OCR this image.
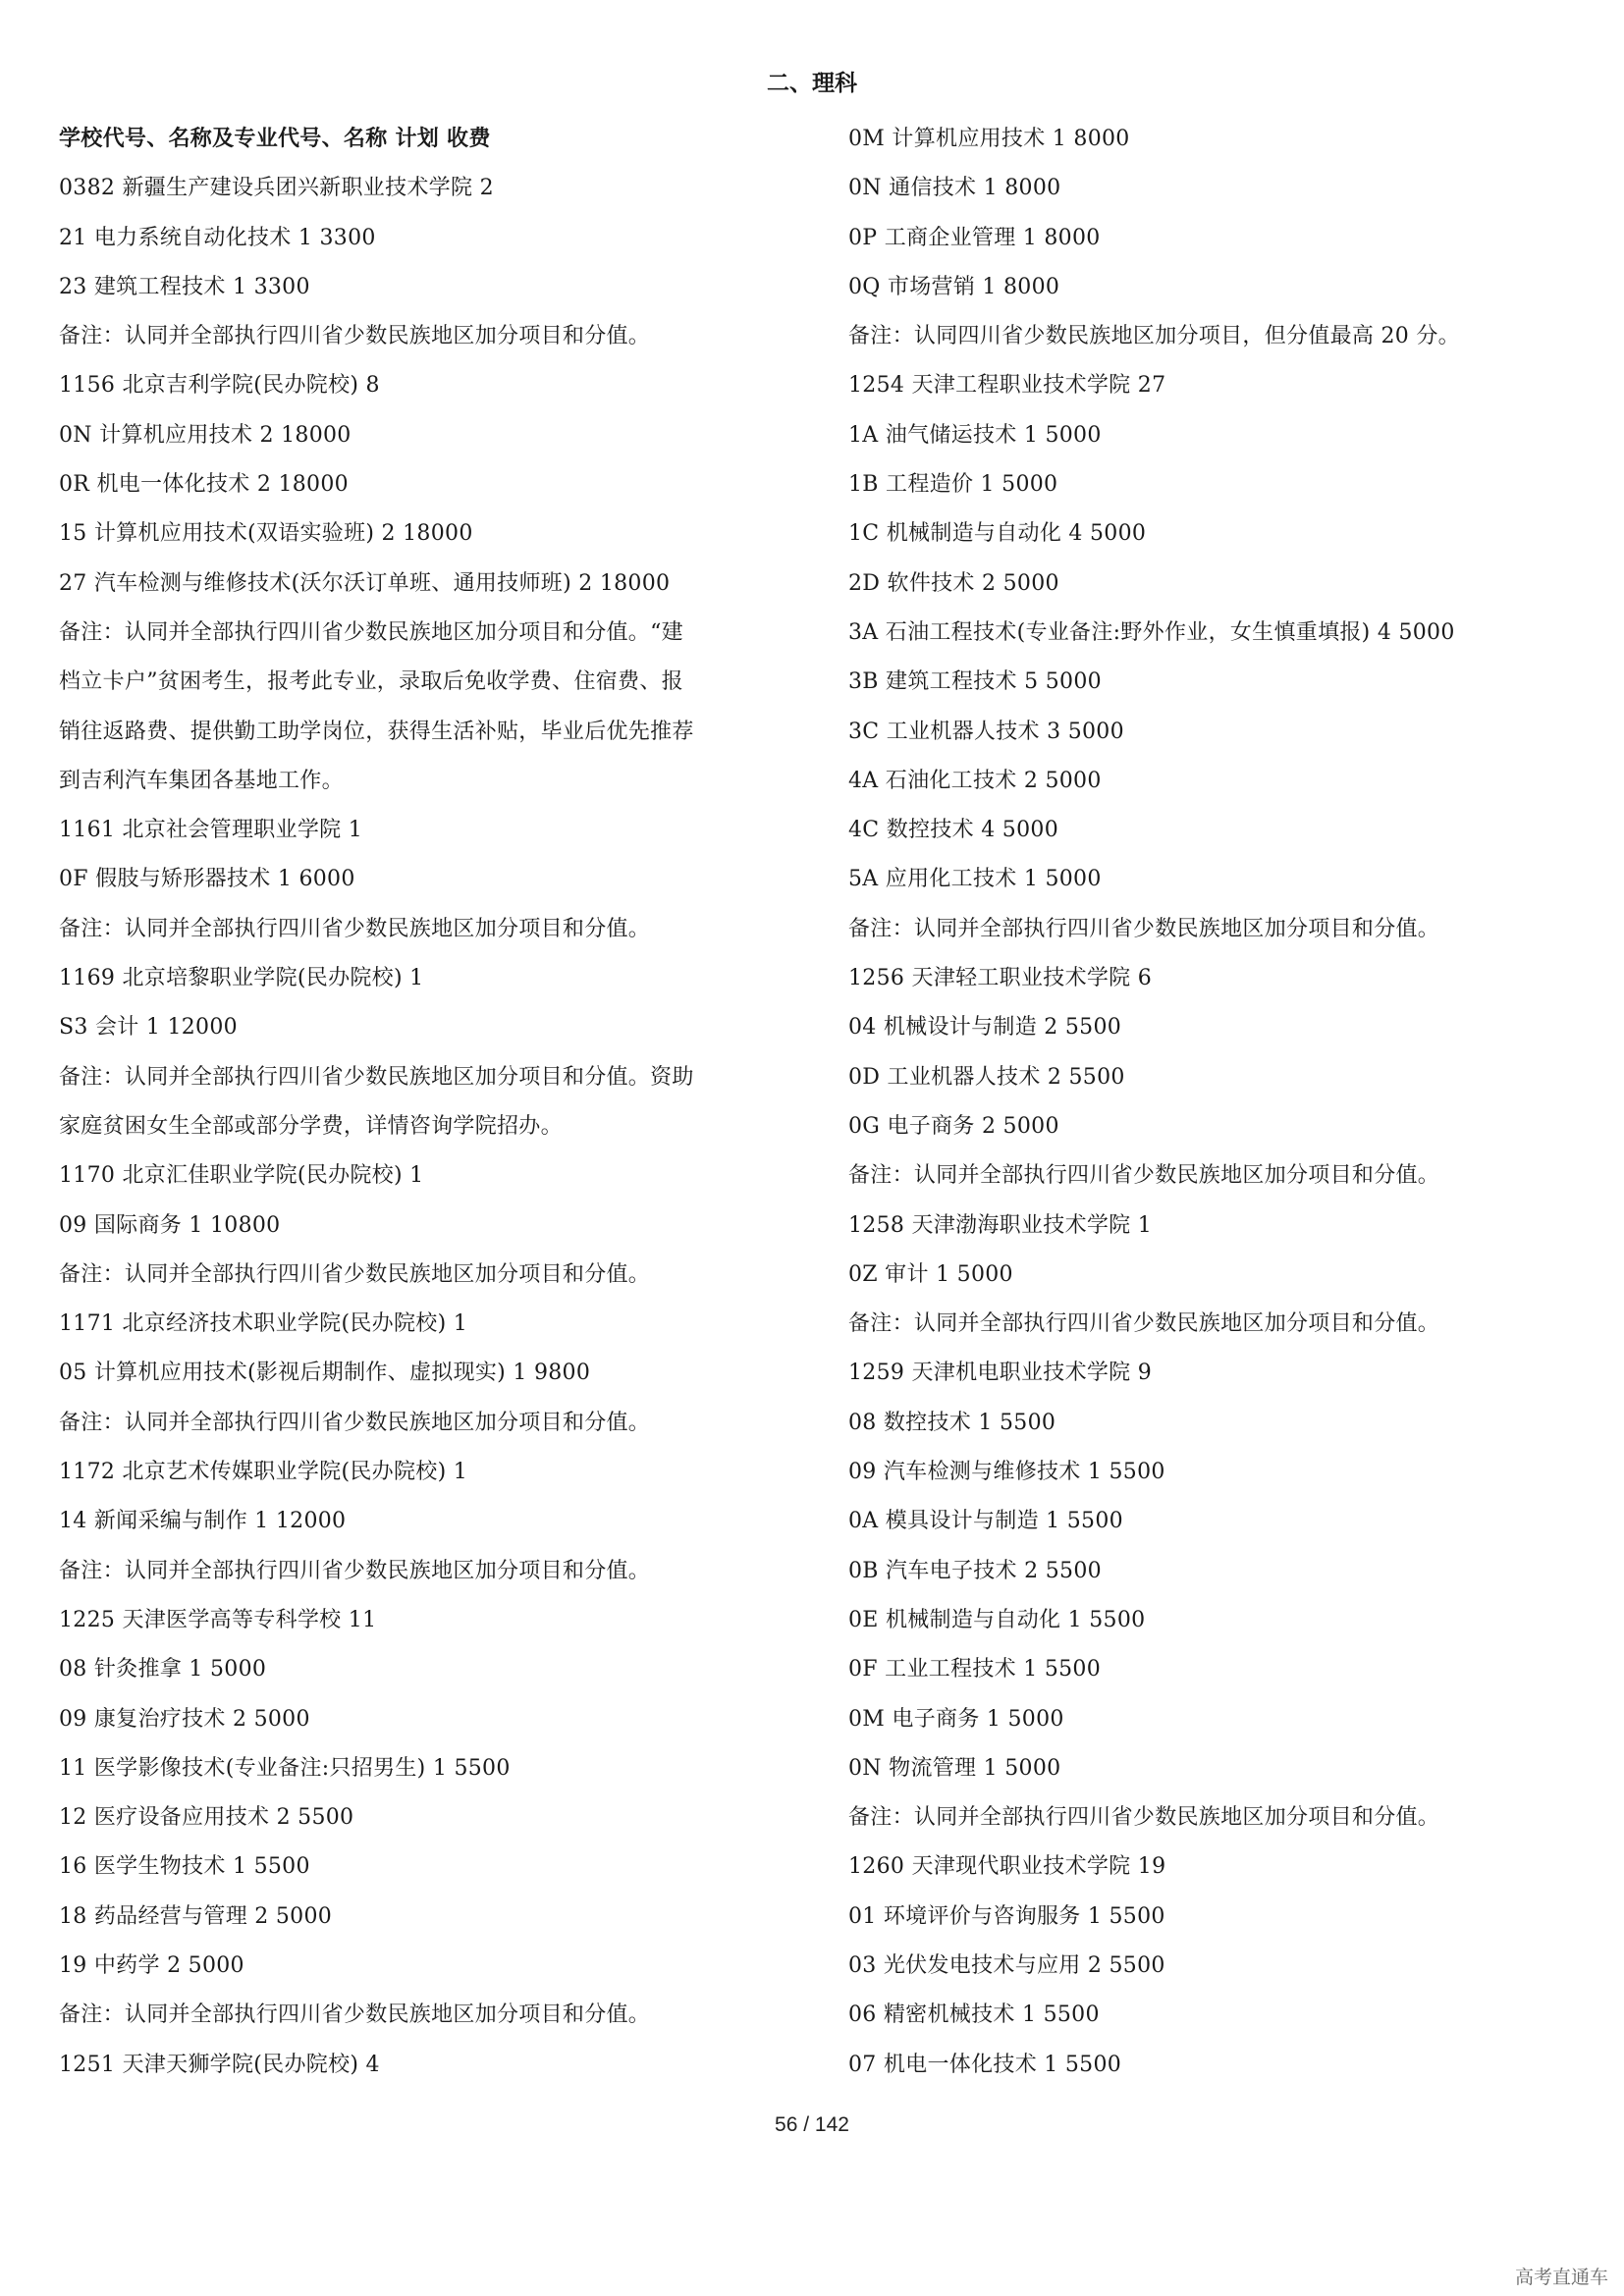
二、理科
学校代号、名称及专业代号、名称 计划 收费
0382 新疆生产建设兵团兴新职业技术学院 2
21 电力系统自动化技术 1 3300
23 建筑工程技术 1 3300
备注：认同并全部执行四川省少数民族地区加分项目和分值。
1156 北京吉利学院(民办院校) 8
0N 计算机应用技术 2 18000
0R 机电一体化技术 2 18000
15 计算机应用技术(双语实验班) 2 18000
27 汽车检测与维修技术(沃尔沃订单班、通用技师班) 2 18000
备注：认同并全部执行四川省少数民族地区加分项目和分值。“建
档立卡户”贫困考生，报考此专业，录取后免收学费、住宿费、报
销往返路费、提供勤工助学岗位，获得生活补贴，毕业后优先推荐
到吉利汽车集团各基地工作。
1161 北京社会管理职业学院 1
0F 假肢与矫形器技术 1 6000
备注：认同并全部执行四川省少数民族地区加分项目和分值。
1169 北京培黎职业学院(民办院校) 1
S3 会计 1 12000
备注：认同并全部执行四川省少数民族地区加分项目和分值。资助
家庭贫困女生全部或部分学费，详情咨询学院招办。
1170 北京汇佳职业学院(民办院校) 1
09 国际商务 1 10800
备注：认同并全部执行四川省少数民族地区加分项目和分值。
1171 北京经济技术职业学院(民办院校) 1
05 计算机应用技术(影视后期制作、虚拟现实) 1 9800
备注：认同并全部执行四川省少数民族地区加分项目和分值。
1172 北京艺术传媒职业学院(民办院校) 1
14 新闻采编与制作 1 12000
备注：认同并全部执行四川省少数民族地区加分项目和分值。
1225 天津医学高等专科学校 11
08 针灸推拿 1 5000
09 康复治疗技术 2 5000
11 医学影像技术(专业备注:只招男生) 1 5500
12 医疗设备应用技术 2 5500
16 医学生物技术 1 5500
18 药品经营与管理 2 5000
19 中药学 2 5000
备注：认同并全部执行四川省少数民族地区加分项目和分值。
1251 天津天狮学院(民办院校) 4
0M 计算机应用技术 1 8000
0N 通信技术 1 8000
0P 工商企业管理 1 8000
0Q 市场营销 1 8000
备注：认同四川省少数民族地区加分项目，但分值最高 20 分。
1254 天津工程职业技术学院 27
1A 油气储运技术 1 5000
1B 工程造价 1 5000
1C 机械制造与自动化 4 5000
2D 软件技术 2 5000
3A 石油工程技术(专业备注:野外作业，女生慎重填报) 4 5000
3B 建筑工程技术 5 5000
3C 工业机器人技术 3 5000
4A 石油化工技术 2 5000
4C 数控技术 4 5000
5A 应用化工技术 1 5000
备注：认同并全部执行四川省少数民族地区加分项目和分值。
1256 天津轻工职业技术学院 6
04 机械设计与制造 2 5500
0D 工业机器人技术 2 5500
0G 电子商务 2 5000
备注：认同并全部执行四川省少数民族地区加分项目和分值。
1258 天津渤海职业技术学院 1
0Z 审计 1 5000
备注：认同并全部执行四川省少数民族地区加分项目和分值。
1259 天津机电职业技术学院 9
08 数控技术 1 5500
09 汽车检测与维修技术 1 5500
0A 模具设计与制造 1 5500
0B 汽车电子技术 2 5500
0E 机械制造与自动化 1 5500
0F 工业工程技术 1 5500
0M 电子商务 1 5000
0N 物流管理 1 5000
备注：认同并全部执行四川省少数民族地区加分项目和分值。
1260 天津现代职业技术学院 19
01 环境评价与咨询服务 1 5500
03 光伏发电技术与应用 2 5500
06 精密机械技术 1 5500
07 机电一体化技术 1 5500
56 / 142
高考直通车
